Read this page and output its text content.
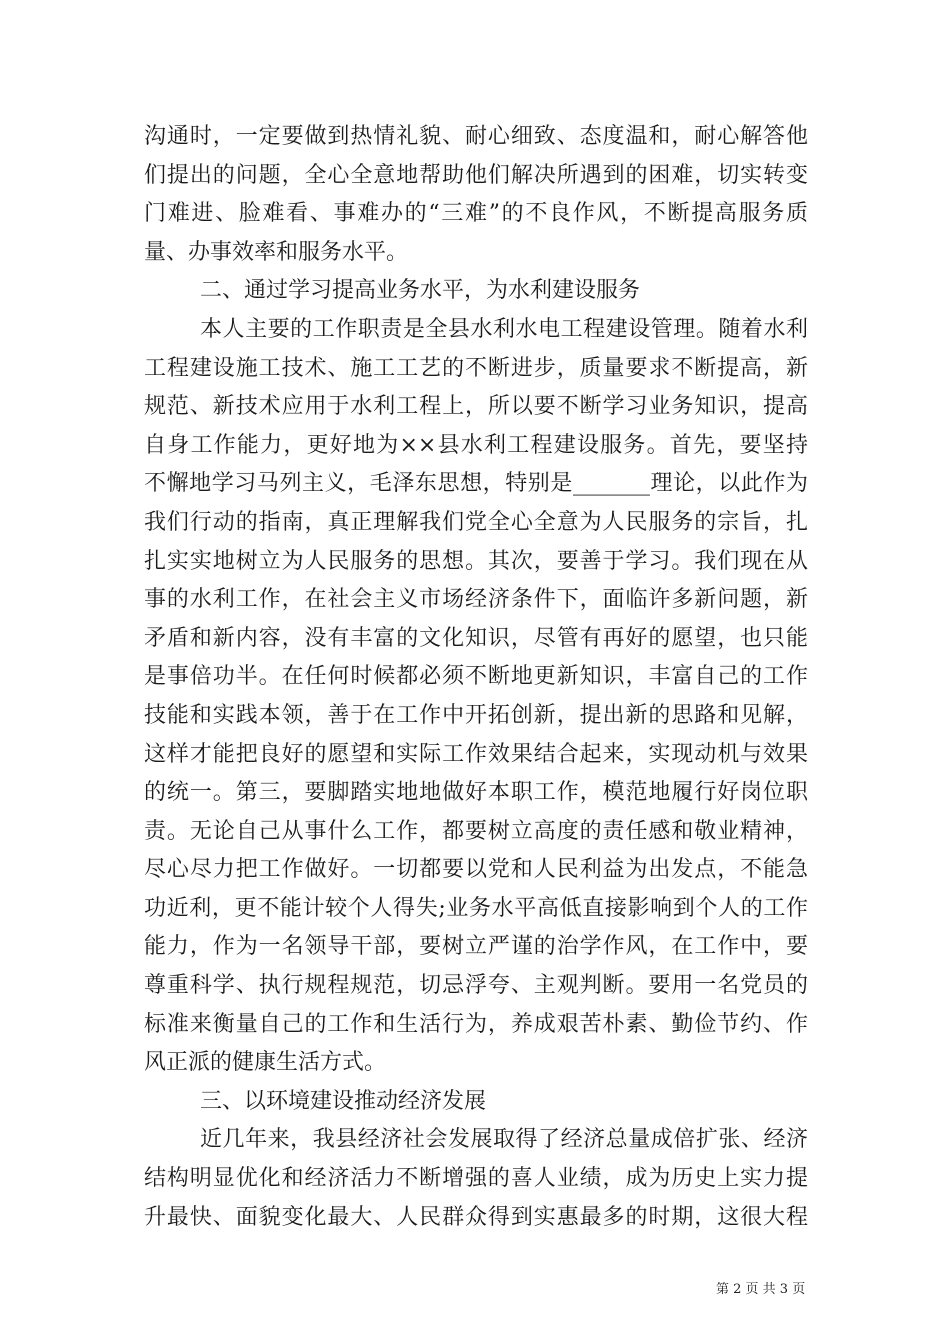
沟通时，一定要做到热情礼貌、耐心细致、态度温和，耐心解答他
们提出的问题，全心全意地帮助他们解决所遇到的困难，切实转变
门难进、脸难看、事难办的“三难”的不良作风，不断提高服务质
量、办事效率和服务水平。
二、通过学习提高业务水平，为水利建设服务
本人主要的工作职责是全县水利水电工程建设管理。随着水利
工程建设施工技术、施工工艺的不断进步，质量要求不断提高，新
规范、新技术应用于水利工程上，所以要不断学习业务知识，提高
自身工作能力，更好地为××县水利工程建设服务。首先，要坚持
不懈地学习马列主义，毛泽东思想，特别是_______理论，以此作为
我们行动的指南，真正理解我们党全心全意为人民服务的宗旨，扎
扎实实地树立为人民服务的思想。其次，要善于学习。我们现在从
事的水利工作，在社会主义市场经济条件下，面临许多新问题，新
矛盾和新内容，没有丰富的文化知识，尽管有再好的愿望，也只能
是事倍功半。在任何时候都必须不断地更新知识，丰富自己的工作
技能和实践本领，善于在工作中开拓创新，提出新的思路和见解，
这样才能把良好的愿望和实际工作效果结合起来，实现动机与效果
的统一。第三，要脚踏实地地做好本职工作，模范地履行好岗位职
责。无论自己从事什么工作，都要树立高度的责任感和敬业精神，
尽心尽力把工作做好。一切都要以党和人民利益为出发点，不能急
功近利，更不能计较个人得失;业务水平高低直接影响到个人的工作
能力，作为一名领导干部，要树立严谨的治学作风，在工作中，要
尊重科学、执行规程规范，切忌浮夸、主观判断。要用一名党员的
标准来衡量自己的工作和生活行为，养成艰苦朴素、勤俭节约、作
风正派的健康生活方式。
三、以环境建设推动经济发展
近几年来，我县经济社会发展取得了经济总量成倍扩张、经济
结构明显优化和经济活力不断增强的喜人业绩，成为历史上实力提
升最快、面貌变化最大、人民群众得到实惠最多的时期，这很大程
第 2 页 共 3 页
